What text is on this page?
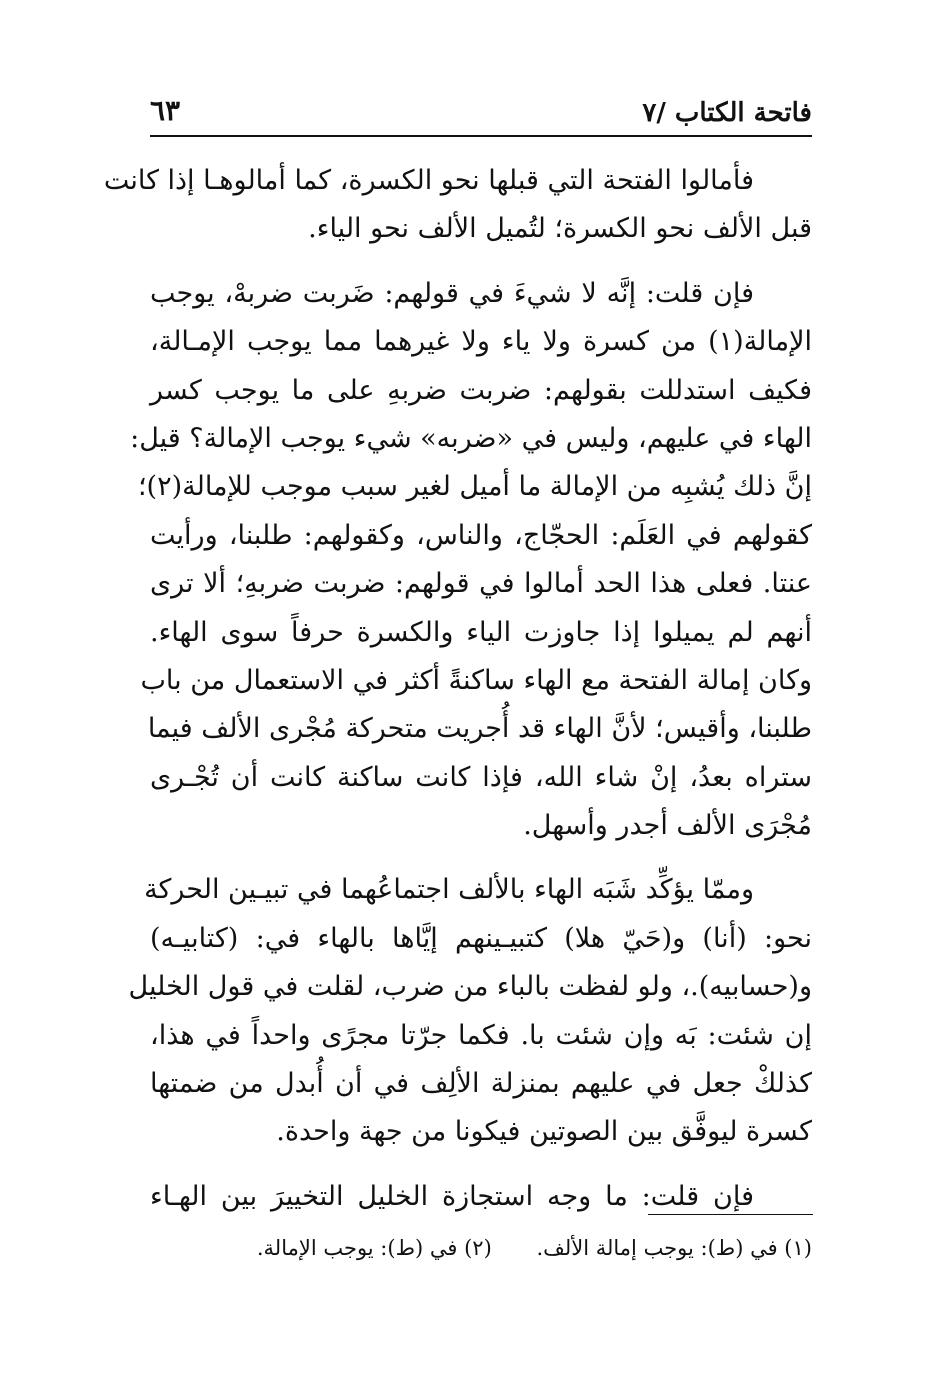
فاتحة الكتاب /٧
٦٣

فأمالوا الفتحة التي قبلها نحو الكسرة، كما أمالوهـا إذا كانت
قبل الألف نحو الكسرة؛ لتُميل الألف نحو الياء.

فإن قلت: إنَّه لا شيءَ في قولهم: ضَربت ضربهْ، يوجب
الإمالة(١) من كسرة ولا ياء ولا غيرهما مما يوجب الإمـالة،
فكيف استدللت بقولهم: ضربت ضربهِ على ما يوجب كسر
الهاء في عليهم، وليس في «ضربه» شيء يوجب الإمالة؟ قيل:
إنَّ ذلك يُشبِه من الإمالة ما أميل لغير سبب موجب للإمالة(٢)؛
كقولهم في العَلَم: الحجّاج، والناس، وكقولهم: طلبنا، ورأيت
عنتا. فعلى هذا الحد أمالوا في قولهم: ضربت ضربهِ؛ ألا ترى
أنهم لم يميلوا إذا جاوزت الياء والكسرة حرفاً سوى الهاء.
وكان إمالة الفتحة مع الهاء ساكنةً أكثر في الاستعمال من باب
طلبنا، وأقيس؛ لأنَّ الهاء قد أُجريت متحركة مُجْرى الألف فيما
ستراه بعدُ، إنْ شاء الله، فإذا كانت ساكنة كانت أن تُجْـرى
مُجْرَى الألف أجدر وأسهل.

وممّا يؤكِّد شَبَه الهاء بالألف اجتماعُهما في تبيـين الحركة
نحو: (أنا) و(حَيّ هلا) كتبيـينهم إيَّاها بالهاء في: (كتابيـه)
و(حسابيه).، ولو لفظت بالباء من ضرب، لقلت في قول الخليل
إن شئت: بَه وإن شئت با. فكما جرّتا مجرًى واحداً في هذا،
كذلكْ جعل في عليهم بمنزلة الألِف في أن أُبدل من ضمتها
كسرة ليوفَّق بين الصوتين فيكونا من جهة واحدة.

فإن قلت: ما وجه استجازة الخليل التخييرَ بين الهـاء

(١) في (ط): يوجب إمالة الألف. (٢) في (ط): يوجب الإمالة.
